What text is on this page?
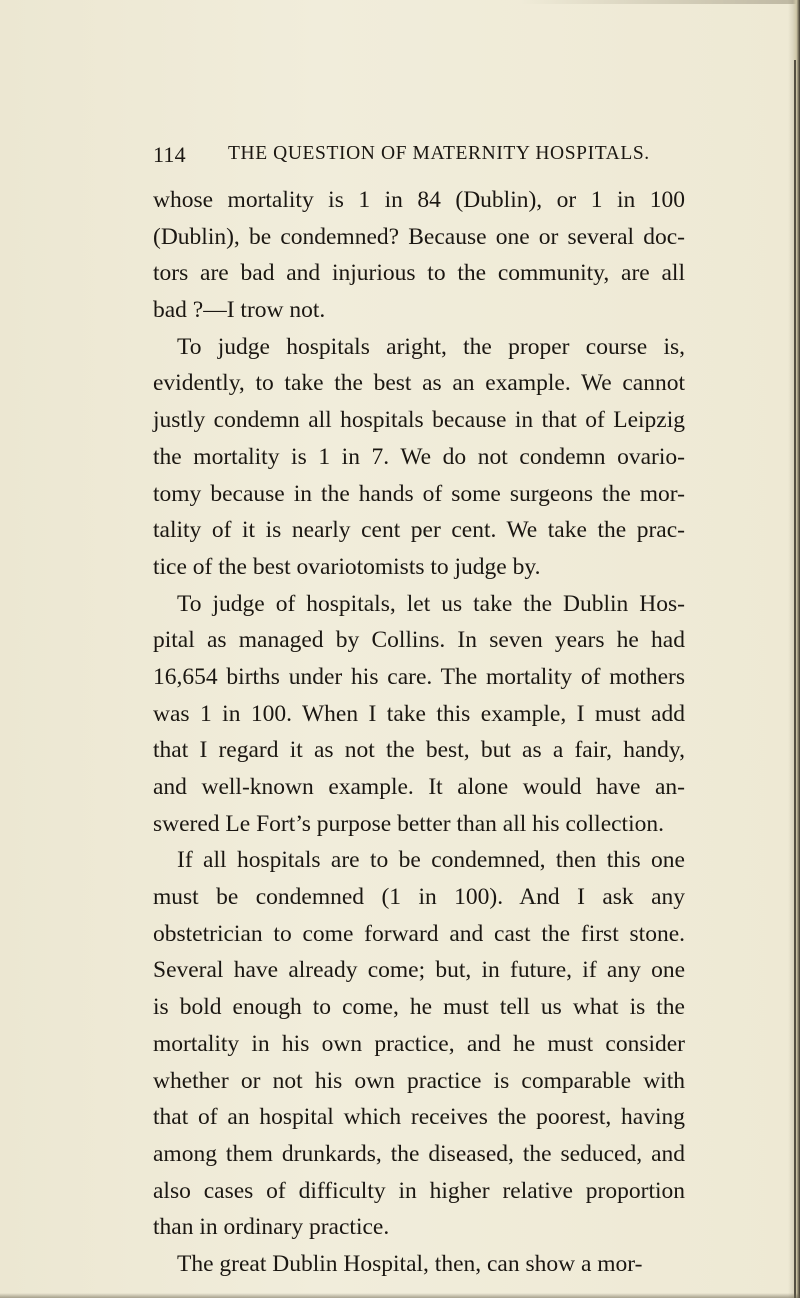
114 THE QUESTION OF MATERNITY HOSPITALS.
whose mortality is 1 in 84 (Dublin), or 1 in 100
(Dublin), be condemned? Because one or several doc-
tors are bad and injurious to the community, are all
bad ?—I trow not.
To judge hospitals aright, the proper course is,
evidently, to take the best as an example. We cannot
justly condemn all hospitals because in that of Leipzig
the mortality is 1 in 7. We do not condemn ovario-
tomy because in the hands of some surgeons the mor-
tality of it is nearly cent per cent. We take the prac-
tice of the best ovariotomists to judge by.
To judge of hospitals, let us take the Dublin Hos-
pital as managed by Collins. In seven years he had
16,654 births under his care. The mortality of mothers
was 1 in 100. When I take this example, I must add
that I regard it as not the best, but as a fair, handy,
and well-known example. It alone would have an-
swered Le Fort’s purpose better than all his collection.
If all hospitals are to be condemned, then this one
must be condemned (1 in 100). And I ask any
obstetrician to come forward and cast the first stone.
Several have already come; but, in future, if any one
is bold enough to come, he must tell us what is the
mortality in his own practice, and he must consider
whether or not his own practice is comparable with
that of an hospital which receives the poorest, having
among them drunkards, the diseased, the seduced, and
also cases of difficulty in higher relative proportion
than in ordinary practice.
The great Dublin Hospital, then, can show a mor-
